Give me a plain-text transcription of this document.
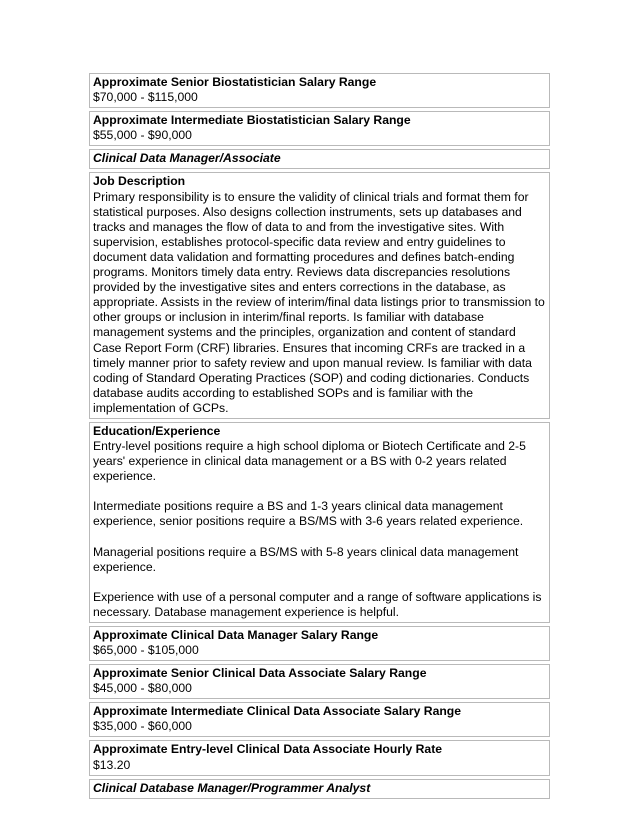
Approximate Senior Biostatistician Salary Range
$70,000 - $115,000

Approximate Intermediate Biostatistician Salary Range
$55,000 - $90,000

Clinical Data Manager/Associate

Job Description
Primary responsibility is to ensure the validity of clinical trials and format them for statistical purposes. Also designs collection instruments, sets up databases and tracks and manages the flow of data to and from the investigative sites. With supervision, establishes protocol-specific data review and entry guidelines to document data validation and formatting procedures and defines batch-ending programs. Monitors timely data entry. Reviews data discrepancies resolutions provided by the investigative sites and enters corrections in the database, as appropriate. Assists in the review of interim/final data listings prior to transmission to other groups or inclusion in interim/final reports. Is familiar with database management systems and the principles, organization and content of standard Case Report Form (CRF) libraries. Ensures that incoming CRFs are tracked in a timely manner prior to safety review and upon manual review. Is familiar with data coding of Standard Operating Practices (SOP) and coding dictionaries. Conducts database audits according to established SOPs and is familiar with the implementation of GCPs.

Education/Experience
Entry-level positions require a high school diploma or Biotech Certificate and 2-5 years' experience in clinical data management or a BS with 0-2 years related experience.
Intermediate positions require a BS and 1-3 years clinical data management experience, senior positions require a BS/MS with 3-6 years related experience.
Managerial positions require a BS/MS with 5-8 years clinical data management experience.
Experience with use of a personal computer and a range of software applications is necessary. Database management experience is helpful.

Approximate Clinical Data Manager Salary Range
$65,000 - $105,000

Approximate Senior Clinical Data Associate Salary Range
$45,000 - $80,000

Approximate Intermediate Clinical Data Associate Salary Range
$35,000 - $60,000

Approximate Entry-level Clinical Data Associate Hourly Rate
$13.20

Clinical Database Manager/Programmer Analyst
